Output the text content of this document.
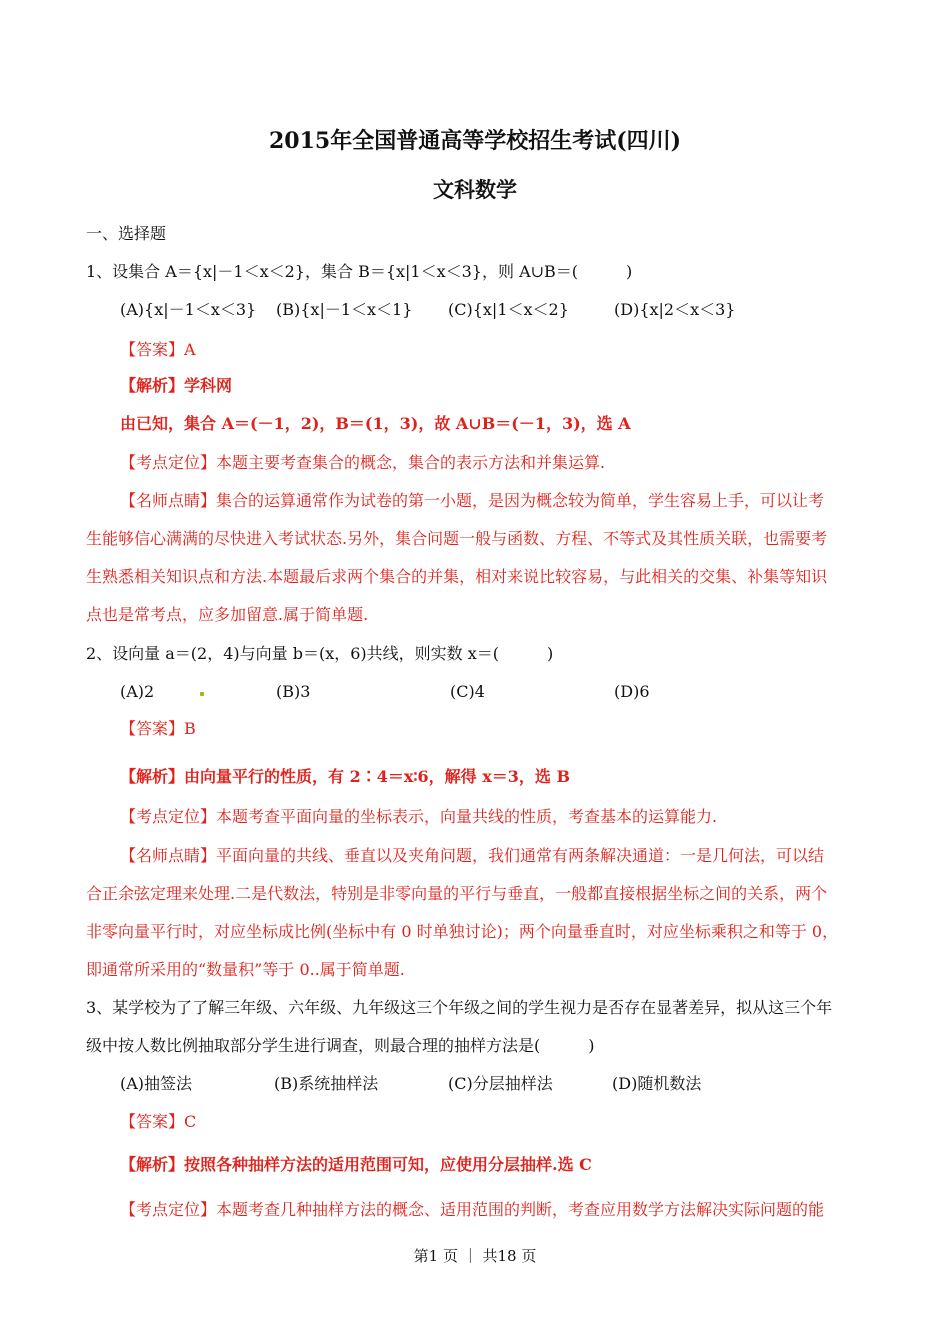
2015年全国普通高等学校招生考试(四川)
文科数学
一、选择题
1、设集合 A＝{x|－1＜x＜2}，集合 B＝{x|1＜x＜3}，则 A∪B＝(　　　)
(A){x|－1＜x＜3} (B){x|－1＜x＜1} (C){x|1＜x＜2}	(D){x|2＜x＜3}
【答案】A
【解析】学科网
由已知，集合 A＝(－1，2)，B＝(1，3)，故 A∪B＝(－1，3)，选 A
【考点定位】本题主要考查集合的概念，集合的表示方法和并集运算.
【名师点睛】集合的运算通常作为试卷的第一小题，是因为概念较为简单，学生容易上手，可以让考
生能够信心满满的尽快进入考试状态.另外，集合问题一般与函数、方程、不等式及其性质关联，也需要考
生熟悉相关知识点和方法.本题最后求两个集合的并集，相对来说比较容易，与此相关的交集、补集等知识
点也是常考点，应多加留意.属于简单题.
2、设向量 a＝(2，4)与向量 b＝(x，6)共线，则实数 x＝(　　　)
(A)2	(B)3	(C)4	(D)6
【答案】B
【解析】由向量平行的性质，有 2∶4＝x∶6，解得 x＝3，选 B
【考点定位】本题考查平面向量的坐标表示，向量共线的性质，考查基本的运算能力.
【名师点睛】平面向量的共线、垂直以及夹角问题，我们通常有两条解决通道：一是几何法，可以结
合正余弦定理来处理.二是代数法，特别是非零向量的平行与垂直，一般都直接根据坐标之间的关系，两个
非零向量平行时，对应坐标成比例(坐标中有 0 时单独讨论)；两个向量垂直时，对应坐标乘积之和等于 0，
即通常所采用的“数量积”等于 0..属于简单题.
3、某学校为了了解三年级、六年级、九年级这三个年级之间的学生视力是否存在显著差异，拟从这三个年
级中按人数比例抽取部分学生进行调查，则最合理的抽样方法是(　　　)
(A)抽签法	(B)系统抽样法	(C)分层抽样法	(D)随机数法
【答案】C
【解析】按照各种抽样方法的适用范围可知，应使用分层抽样.选 C
【考点定位】本题考查几种抽样方法的概念、适用范围的判断，考查应用数学方法解决实际问题的能
第1 页 ｜ 共18 页
